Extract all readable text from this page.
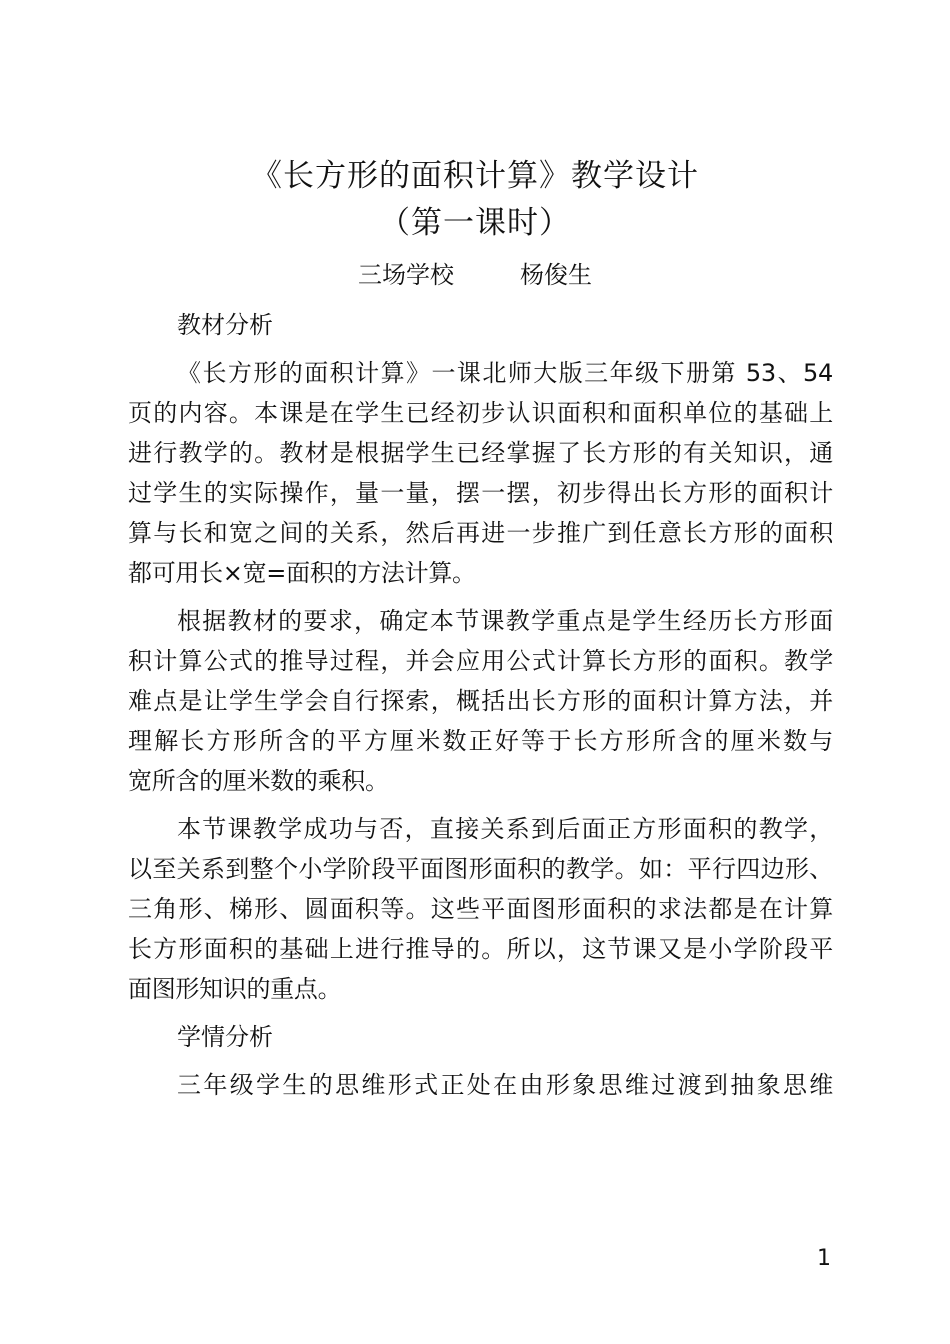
《长方形的面积计算》教学设计
（第一课时）
三场学校	杨俊生
教材分析
《长方形的面积计算》一课北师大版三年级下册第 53、54
页的内容。本课是在学生已经初步认识面积和面积单位的基础上
进行教学的。教材是根据学生已经掌握了长方形的有关知识，通
过学生的实际操作，量一量，摆一摆，初步得出长方形的面积计
算与长和宽之间的关系，然后再进一步推广到任意长方形的面积
都可用长×宽=面积的方法计算。
根据教材的要求，确定本节课教学重点是学生经历长方形面
积计算公式的推导过程，并会应用公式计算长方形的面积。教学
难点是让学生学会自行探索，概括出长方形的面积计算方法，并
理解长方形所含的平方厘米数正好等于长方形所含的厘米数与
宽所含的厘米数的乘积。
本节课教学成功与否，直接关系到后面正方形面积的教学，
以至关系到整个小学阶段平面图形面积的教学。如：平行四边形、
三角形、梯形、圆面积等。这些平面图形面积的求法都是在计算
长方形面积的基础上进行推导的。所以，这节课又是小学阶段平
面图形知识的重点。
学情分析
三年级学生的思维形式正处在由形象思维过渡到抽象思维
1
